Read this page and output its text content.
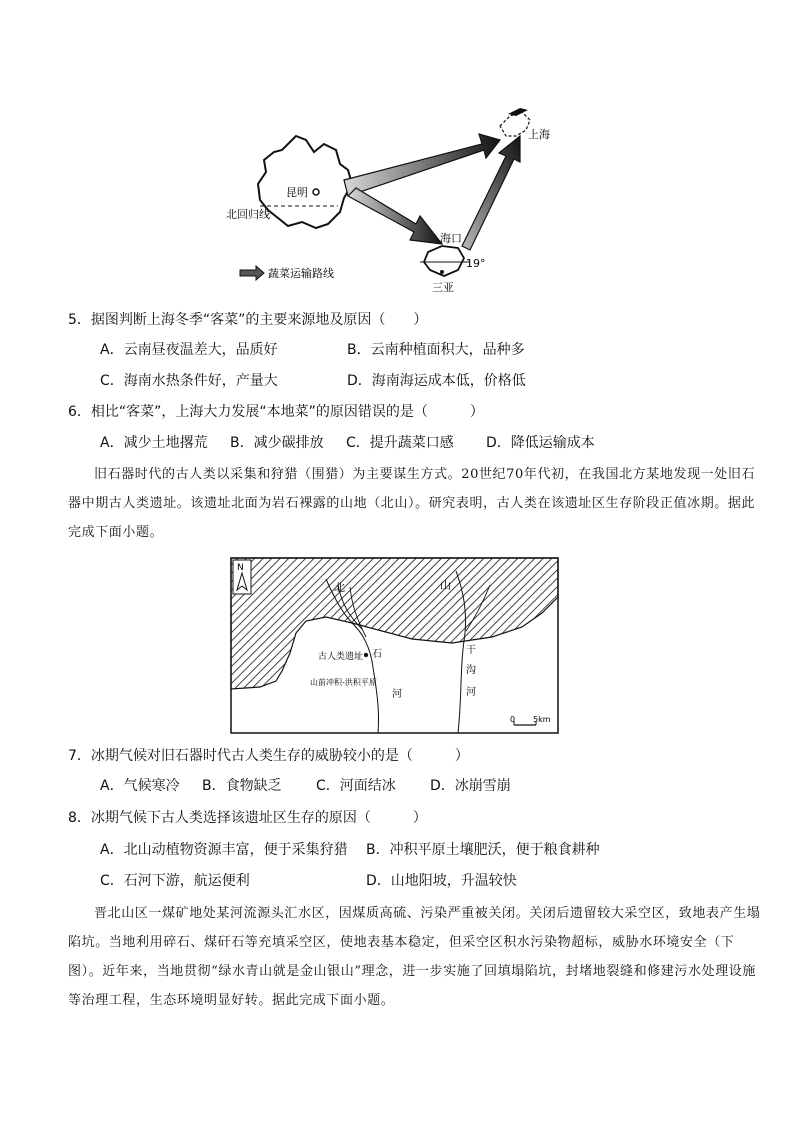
上海
昆明
北回归线
海口
19°
三亚
蔬菜运输路线
5．据图判断上海冬季“客菜”的主要来源地及原因（　　）
A．云南昼夜温差大，品质好	B．云南种植面积大，品种多
C．海南水热条件好，产量大	D．海南海运成本低，价格低
6．相比“客菜”，上海大力发展“本地菜”的原因错误的是（　　　）
A．减少土地撂荒 B．减少碳排放 C．提升蔬菜口感 D．降低运输成本
旧石器时代的古人类以采集和狩猎（围猎）为主要谋生方式。20世纪70年代初，在我国北方某地发现一处旧石器中期古人类遗址。该遗址北面为岩石裸露的山地（北山）。研究表明，古人类在该遗址区生存阶段正值冰期。据此完成下面小题。
N
北	山
干
沟
河
古人类遗址 石
山前冲积-洪积平原
河
0 5km
7．冰期气候对旧石器时代古人类生存的威胁较小的是（　　　）
A．气候寒冷 B．食物缺乏 C．河面结冰 D．冰崩雪崩
8．冰期气候下古人类选择该遗址区生存的原因（　　　）
A．北山动植物资源丰富，便于采集狩猎 B．冲积平原土壤肥沃，便于粮食耕种
C．石河下游，航运便利	D．山地阳坡，升温较快
晋北山区一煤矿地处某河流源头汇水区，因煤质高硫、污染严重被关闭。关闭后遗留较大采空区，致地表产生塌陷坑。当地利用碎石、煤矸石等充填采空区，使地表基本稳定，但采空区积水污染物超标，威胁水环境安全（下图）。近年来，当地贯彻“绿水青山就是金山银山”理念，进一步实施了回填塌陷坑，封堵地裂缝和修建污水处理设施等治理工程，生态环境明显好转。据此完成下面小题。
